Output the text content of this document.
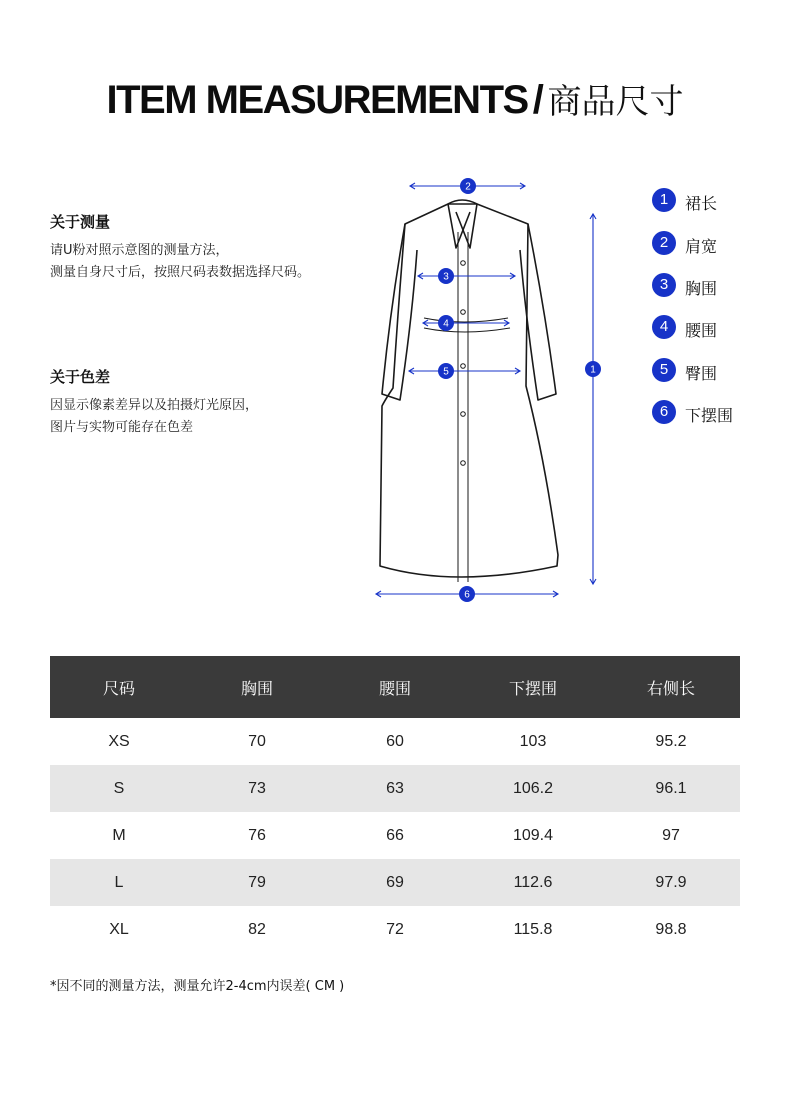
ITEM MEASUREMENTS / 商品尺寸
关于测量
请U粉对照示意图的测量方法，
测量自身尺寸后，按照尺码表数据选择尺码。
关于色差
因显示像素差异以及拍摄灯光原因，
图片与实物可能存在色差
1
2
3
4
5
6
1	裙长
2	肩宽
3	胸围
4	腰围
5	臀围
6	下摆围
尺码	胸围	腰围	下摆围	右侧长
XS	70	60	103	95.2
S	73	63	106.2	96.1
M	76	66	109.4	97
L	79	69	112.6	97.9
XL	82	72	115.8	98.8
*因不同的测量方法，测量允许2-4cm内误差( CM )
